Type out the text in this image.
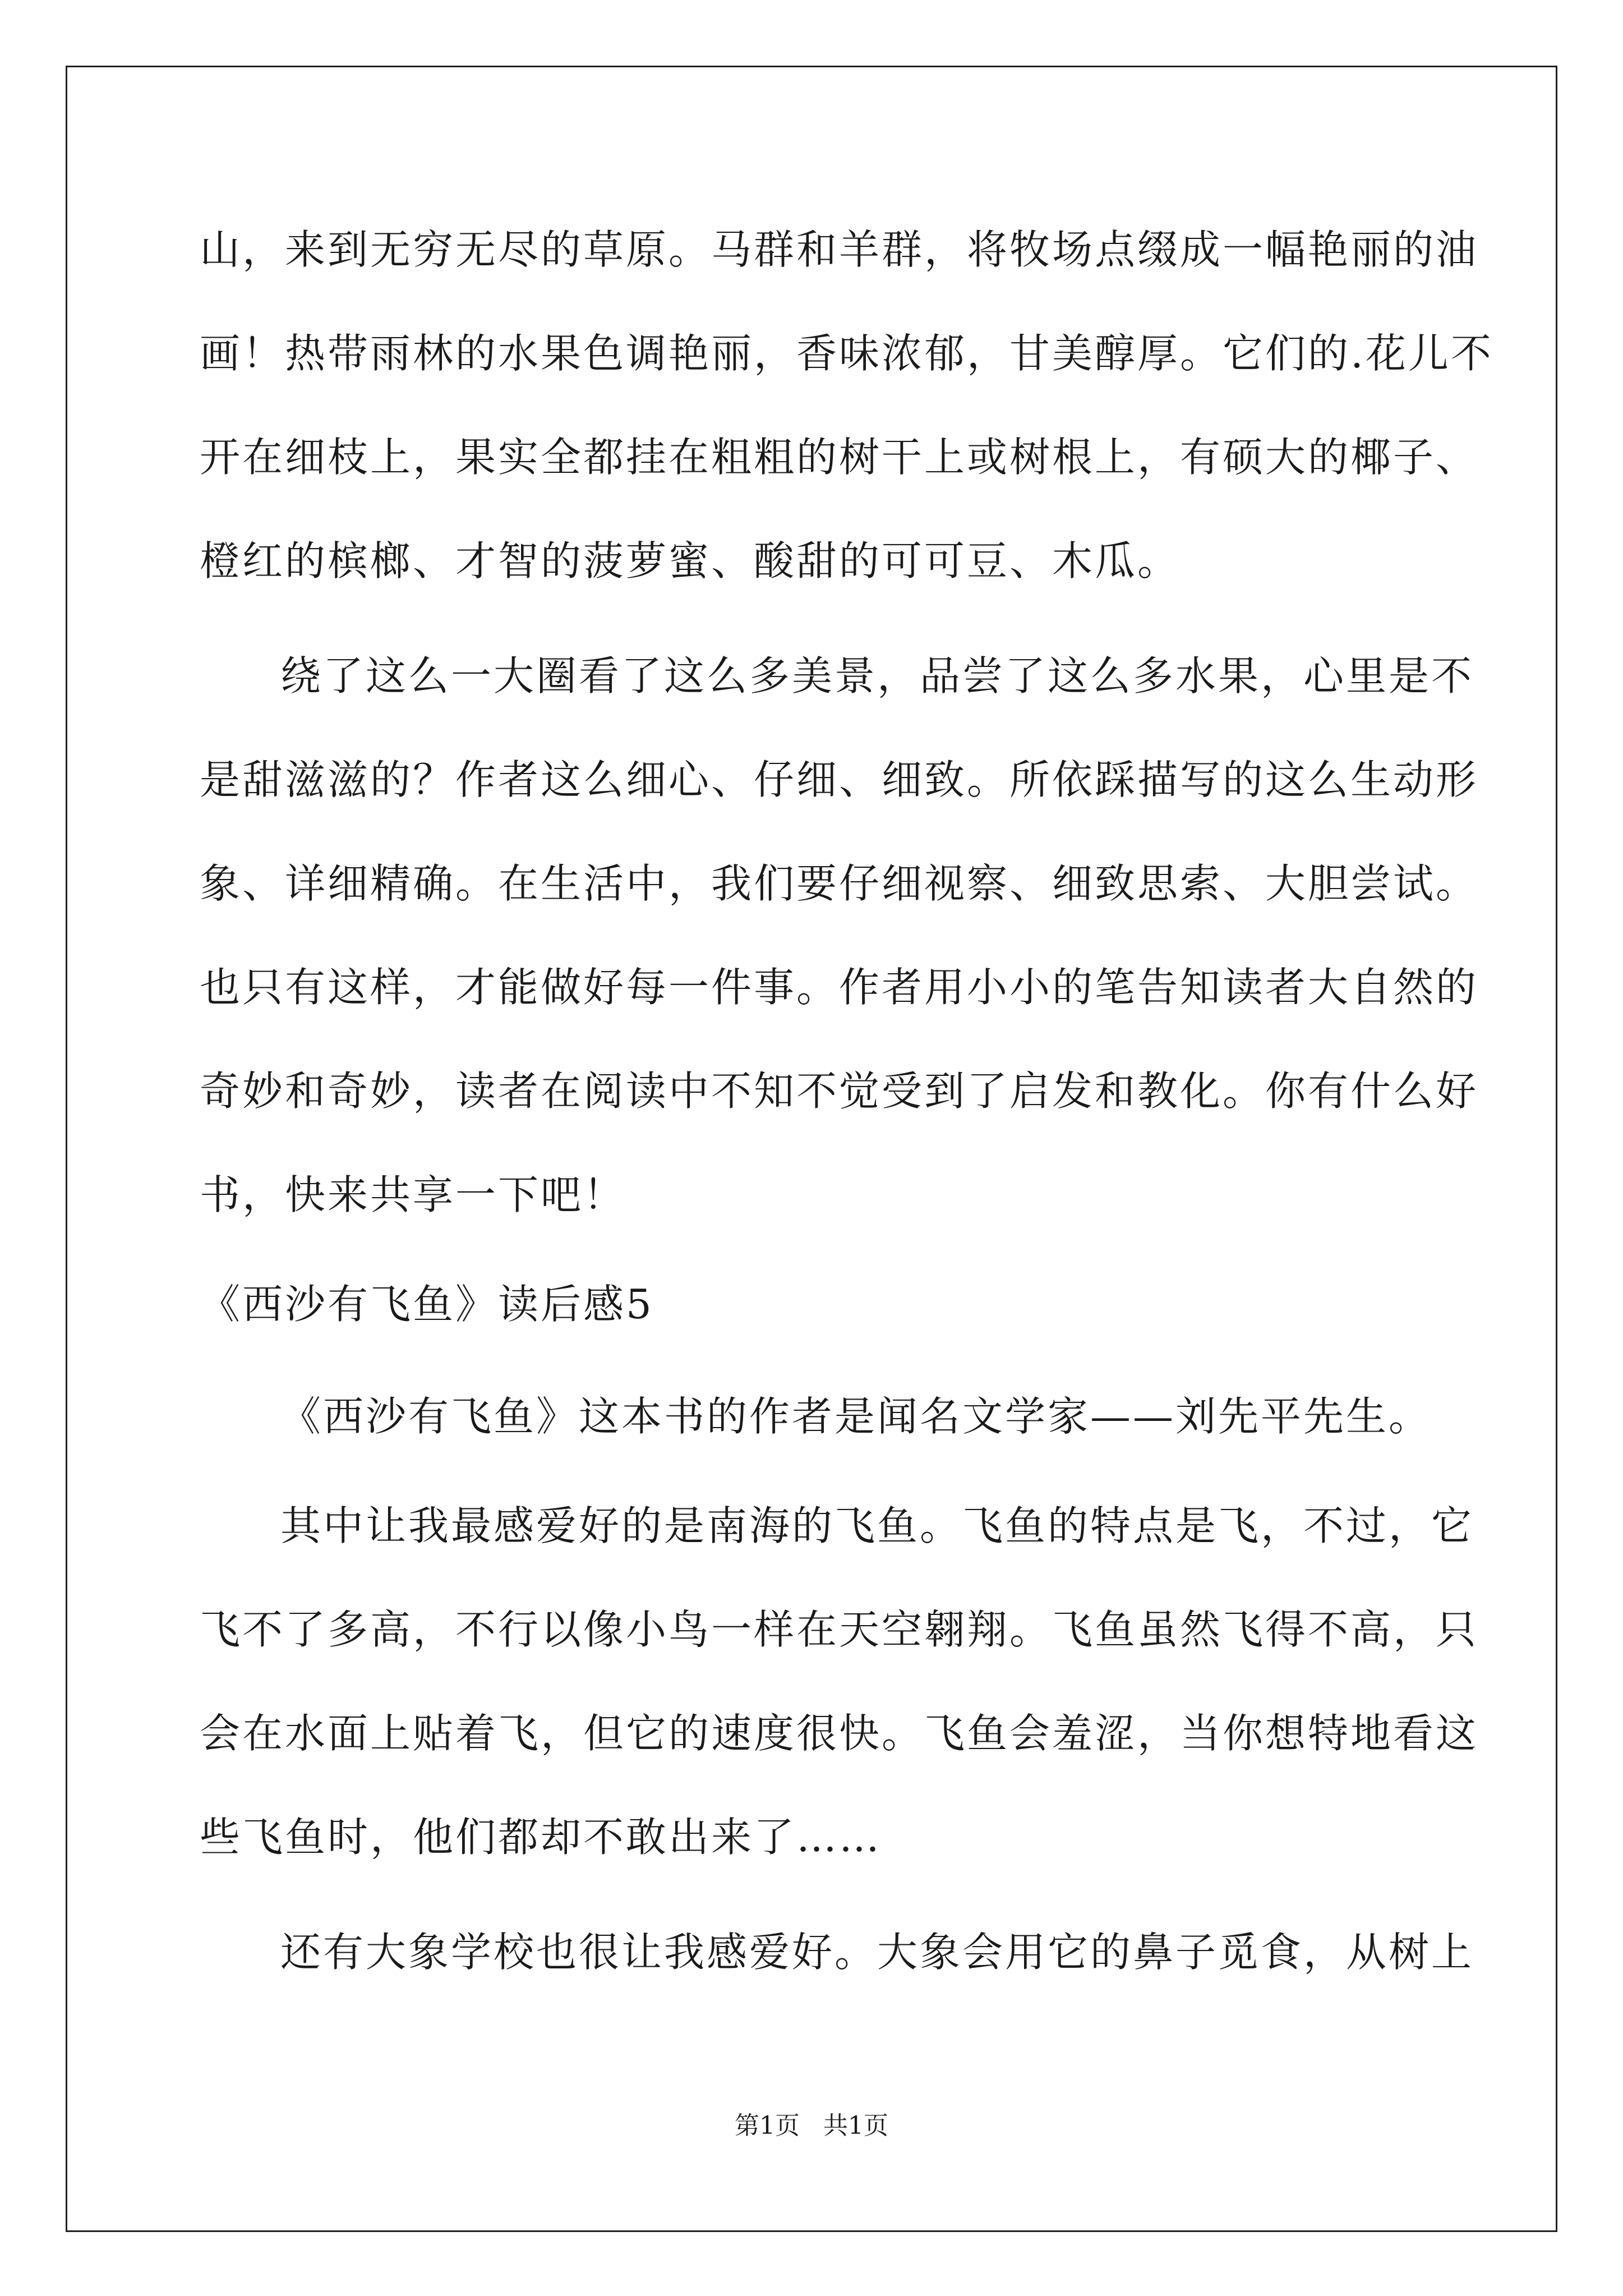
山，来到无穷无尽的草原。马群和羊群，将牧场点缀成一幅艳丽的油
画！热带雨林的水果色调艳丽，香味浓郁，甘美醇厚。它们的.花儿不
开在细枝上，果实全都挂在粗粗的树干上或树根上，有硕大的椰子、
橙红的槟榔、才智的菠萝蜜、酸甜的可可豆、木瓜。
绕了这么一大圈看了这么多美景，品尝了这么多水果，心里是不
是甜滋滋的？作者这么细心、仔细、细致。所依踩描写的这么生动形
象、详细精确。在生活中，我们要仔细视察、细致思索、大胆尝试。
也只有这样，才能做好每一件事。作者用小小的笔告知读者大自然的
奇妙和奇妙，读者在阅读中不知不觉受到了启发和教化。你有什么好
书，快来共享一下吧！
《西沙有飞鱼》读后感5
《西沙有飞鱼》这本书的作者是闻名文学家——刘先平先生。
其中让我最感爱好的是南海的飞鱼。飞鱼的特点是飞，不过，它
飞不了多高，不行以像小鸟一样在天空翱翔。飞鱼虽然飞得不高，只
会在水面上贴着飞，但它的速度很快。飞鱼会羞涩，当你想特地看这
些飞鱼时，他们都却不敢出来了……
还有大象学校也很让我感爱好。大象会用它的鼻子觅食，从树上
第1页 共1页
